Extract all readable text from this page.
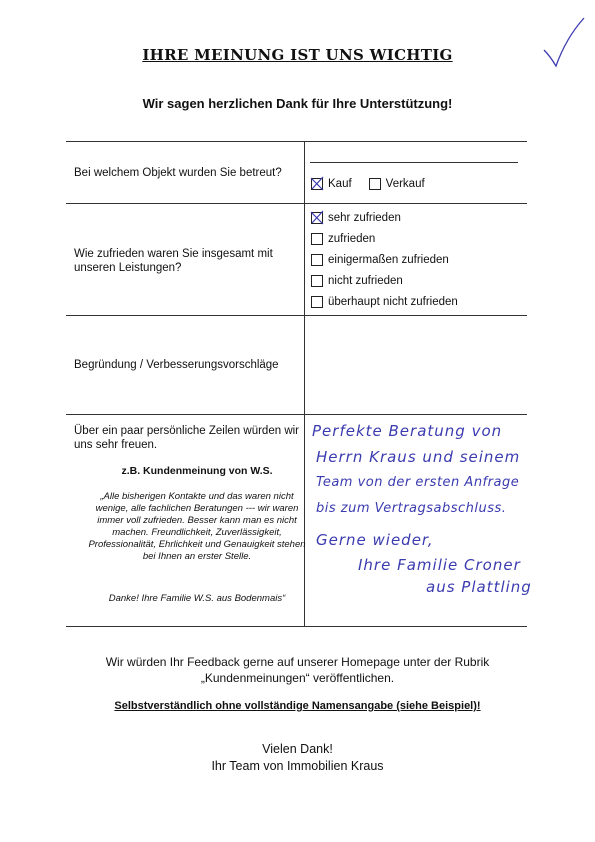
IHRE MEINUNG IST UNS WICHTIG
Wir sagen herzlichen Dank für Ihre Unterstützung!
Bei welchem Objekt wurden Sie betreut?
Kauf	Verkauf
Wie zufrieden waren Sie insgesamt mit unseren Leistungen?
sehr zufrieden
zufrieden
einigermaßen zufrieden
nicht zufrieden
überhaupt nicht zufrieden
Begründung / Verbesserungsvorschläge
Über ein paar persönliche Zeilen würden wir uns sehr freuen.
z.B. Kundenmeinung von W.S.
„Alle bisherigen Kontakte und das waren nicht wenige, alle fachlichen Beratungen --- wir waren immer voll zufrieden. Besser kann man es nicht machen. Freundlichkeit, Zuverlässigkeit, Professionalität, Ehrlichkeit und Genauigkeit stehen bei Ihnen an erster Stelle.
Danke! Ihre Familie W.S. aus Bodenmais“
Perfekte Beratung von
Herrn Kraus und seinem
Team von der ersten Anfrage
bis zum Vertragsabschluss.
Gerne wieder,
Ihre Familie Croner
aus Plattling
Wir würden Ihr Feedback gerne auf unserer Homepage unter der Rubrik „Kundenmeinungen“ veröffentlichen.
Selbstverständlich ohne vollständige Namensangabe (siehe Beispiel)!
Vielen Dank!
Ihr Team von Immobilien Kraus
